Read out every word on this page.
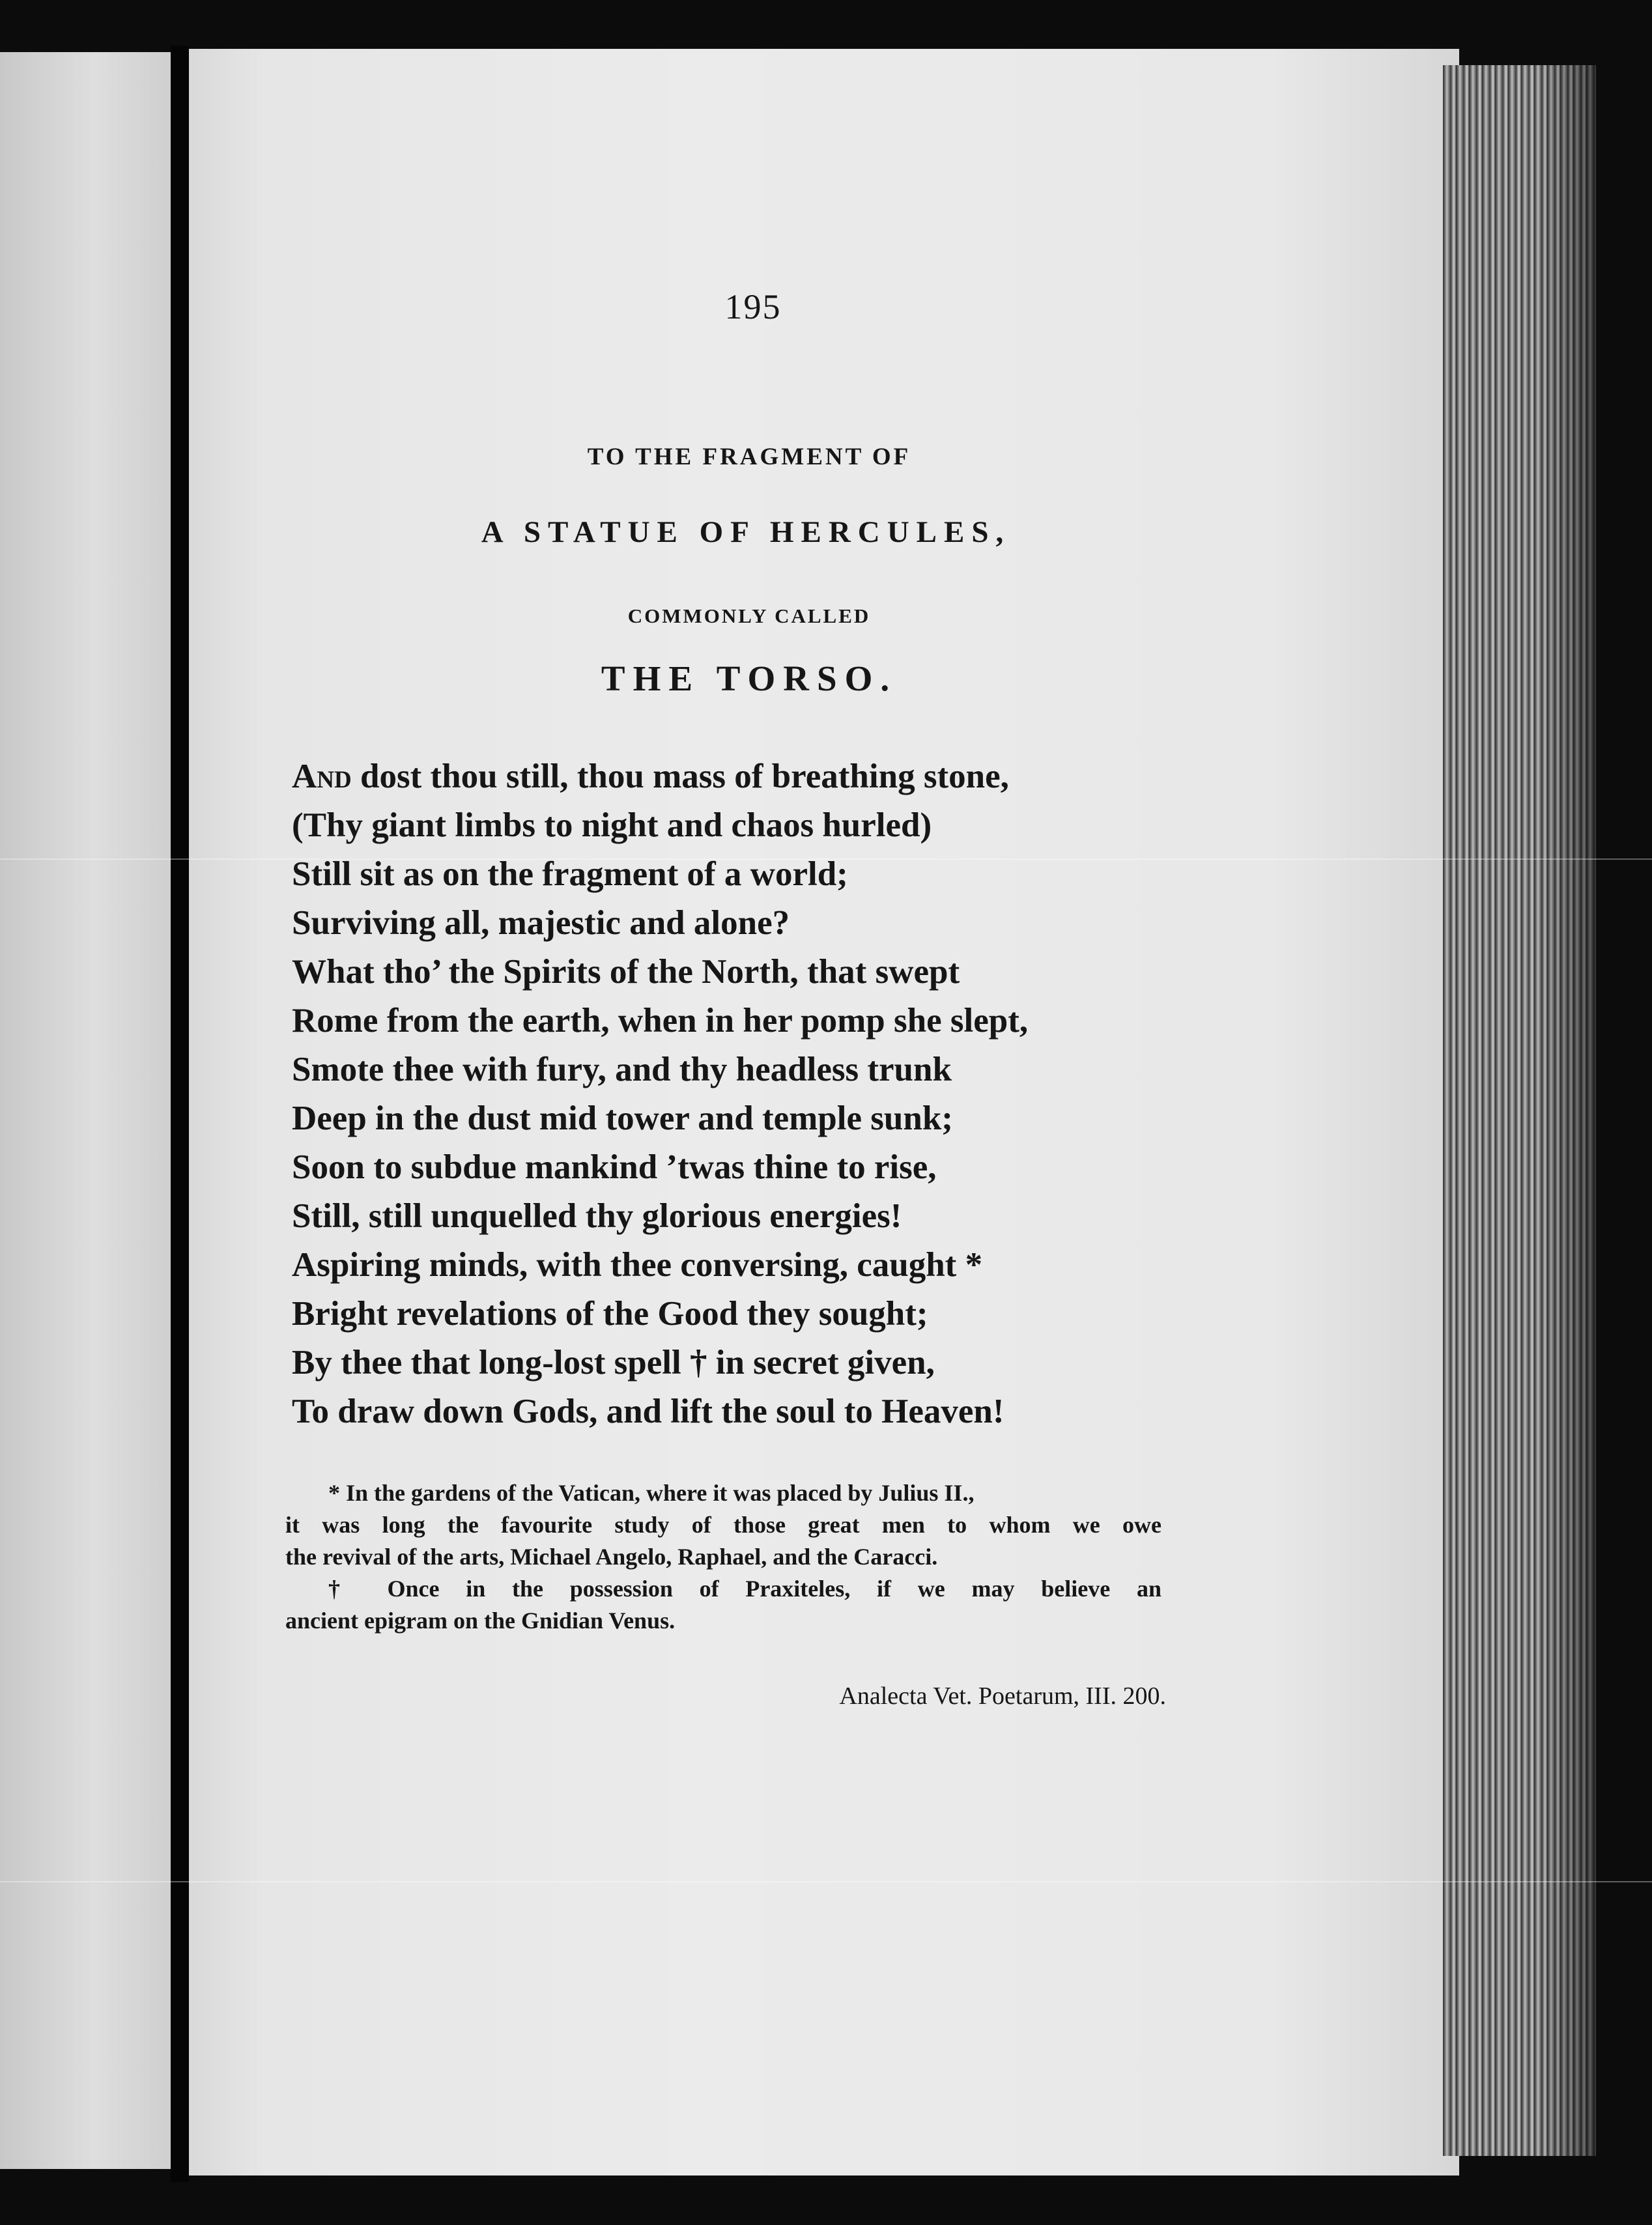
195
TO THE FRAGMENT OF
A STATUE OF HERCULES,
COMMONLY CALLED
THE TORSO.
And dost thou still, thou mass of breathing stone,
(Thy giant limbs to night and chaos hurled)
Still sit as on the fragment of a world;
Surviving all, majestic and alone?
What tho’ the Spirits of the North, that swept
Rome from the earth, when in her pomp she slept,
Smote thee with fury, and thy headless trunk
Deep in the dust mid tower and temple sunk;
Soon to subdue mankind ’twas thine to rise,
Still, still unquelled thy glorious energies!
Aspiring minds, with thee conversing, caught *
Bright revelations of the Good they sought;
By thee that long-lost spell † in secret given,
To draw down Gods, and lift the soul to Heaven!
* In the gardens of the Vatican, where it was placed by Julius II.,
it was long the favourite study of those great men to whom we owe
the revival of the arts, Michael Angelo, Raphael, and the Caracci.
† Once in the possession of Praxiteles, if we may believe an
ancient epigram on the Gnidian Venus.
Analecta Vet. Poetarum, III. 200.
